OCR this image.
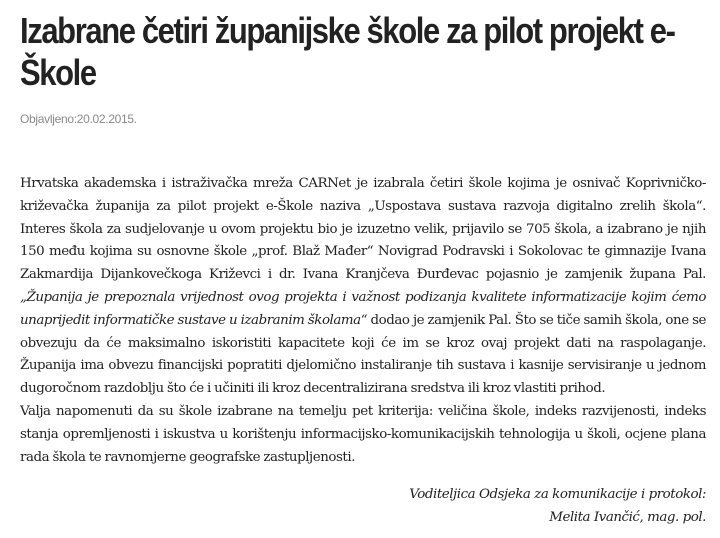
Izabrane četiri županijske škole za pilot projekt e-Škole
Objavljeno:20.02.2015.

Hrvatska akademska i istraživačka mreža CARNet je izabrala četiri škole kojima je osnivač Koprivničko-križevačka županija za pilot projekt e-Škole naziva „Uspostava sustava razvoja digitalno zrelih škola“. Interes škola za sudjelovanje u ovom projektu bio je izuzetno velik, prijavilo se 705 škola, a izabrano je njih 150 među kojima su osnovne škole „prof. Blaž Mađer“ Novigrad Podravski i Sokolovac te gimnazije Ivana Zakmardija Dijankovečkoga Križevci i dr. Ivana Kranjčeva Đurđevac pojasnio je zamjenik župana Pal. „Županija je prepoznala vrijednost ovog projekta i važnost podizanja kvalitete informatizacije kojim ćemo unaprijedit informatičke sustave u izabranim školama“ dodao je zamjenik Pal. Što se tiče samih škola, one se obvezuju da će maksimalno iskoristiti kapacitete koji će im se kroz ovaj projekt dati na raspolaganje. Županija ima obvezu financijski popratiti djelomično instaliranje tih sustava i kasnije servisiranje u jednom dugoročnom razdoblju što će i učiniti ili kroz decentralizirana sredstva ili kroz vlastiti prihod.

Valja napomenuti da su škole izabrane na temelju pet kriterija: veličina škole, indeks razvijenosti, indeks stanja opremljenosti i iskustva u korištenju informacijsko-komunikacijskih tehnologija u školi, ocjene plana rada škola te ravnomjerne geografske zastupljenosti.

Voditeljica Odsjeka za komunikacije i protokol:
Melita Ivančić, mag. pol.
